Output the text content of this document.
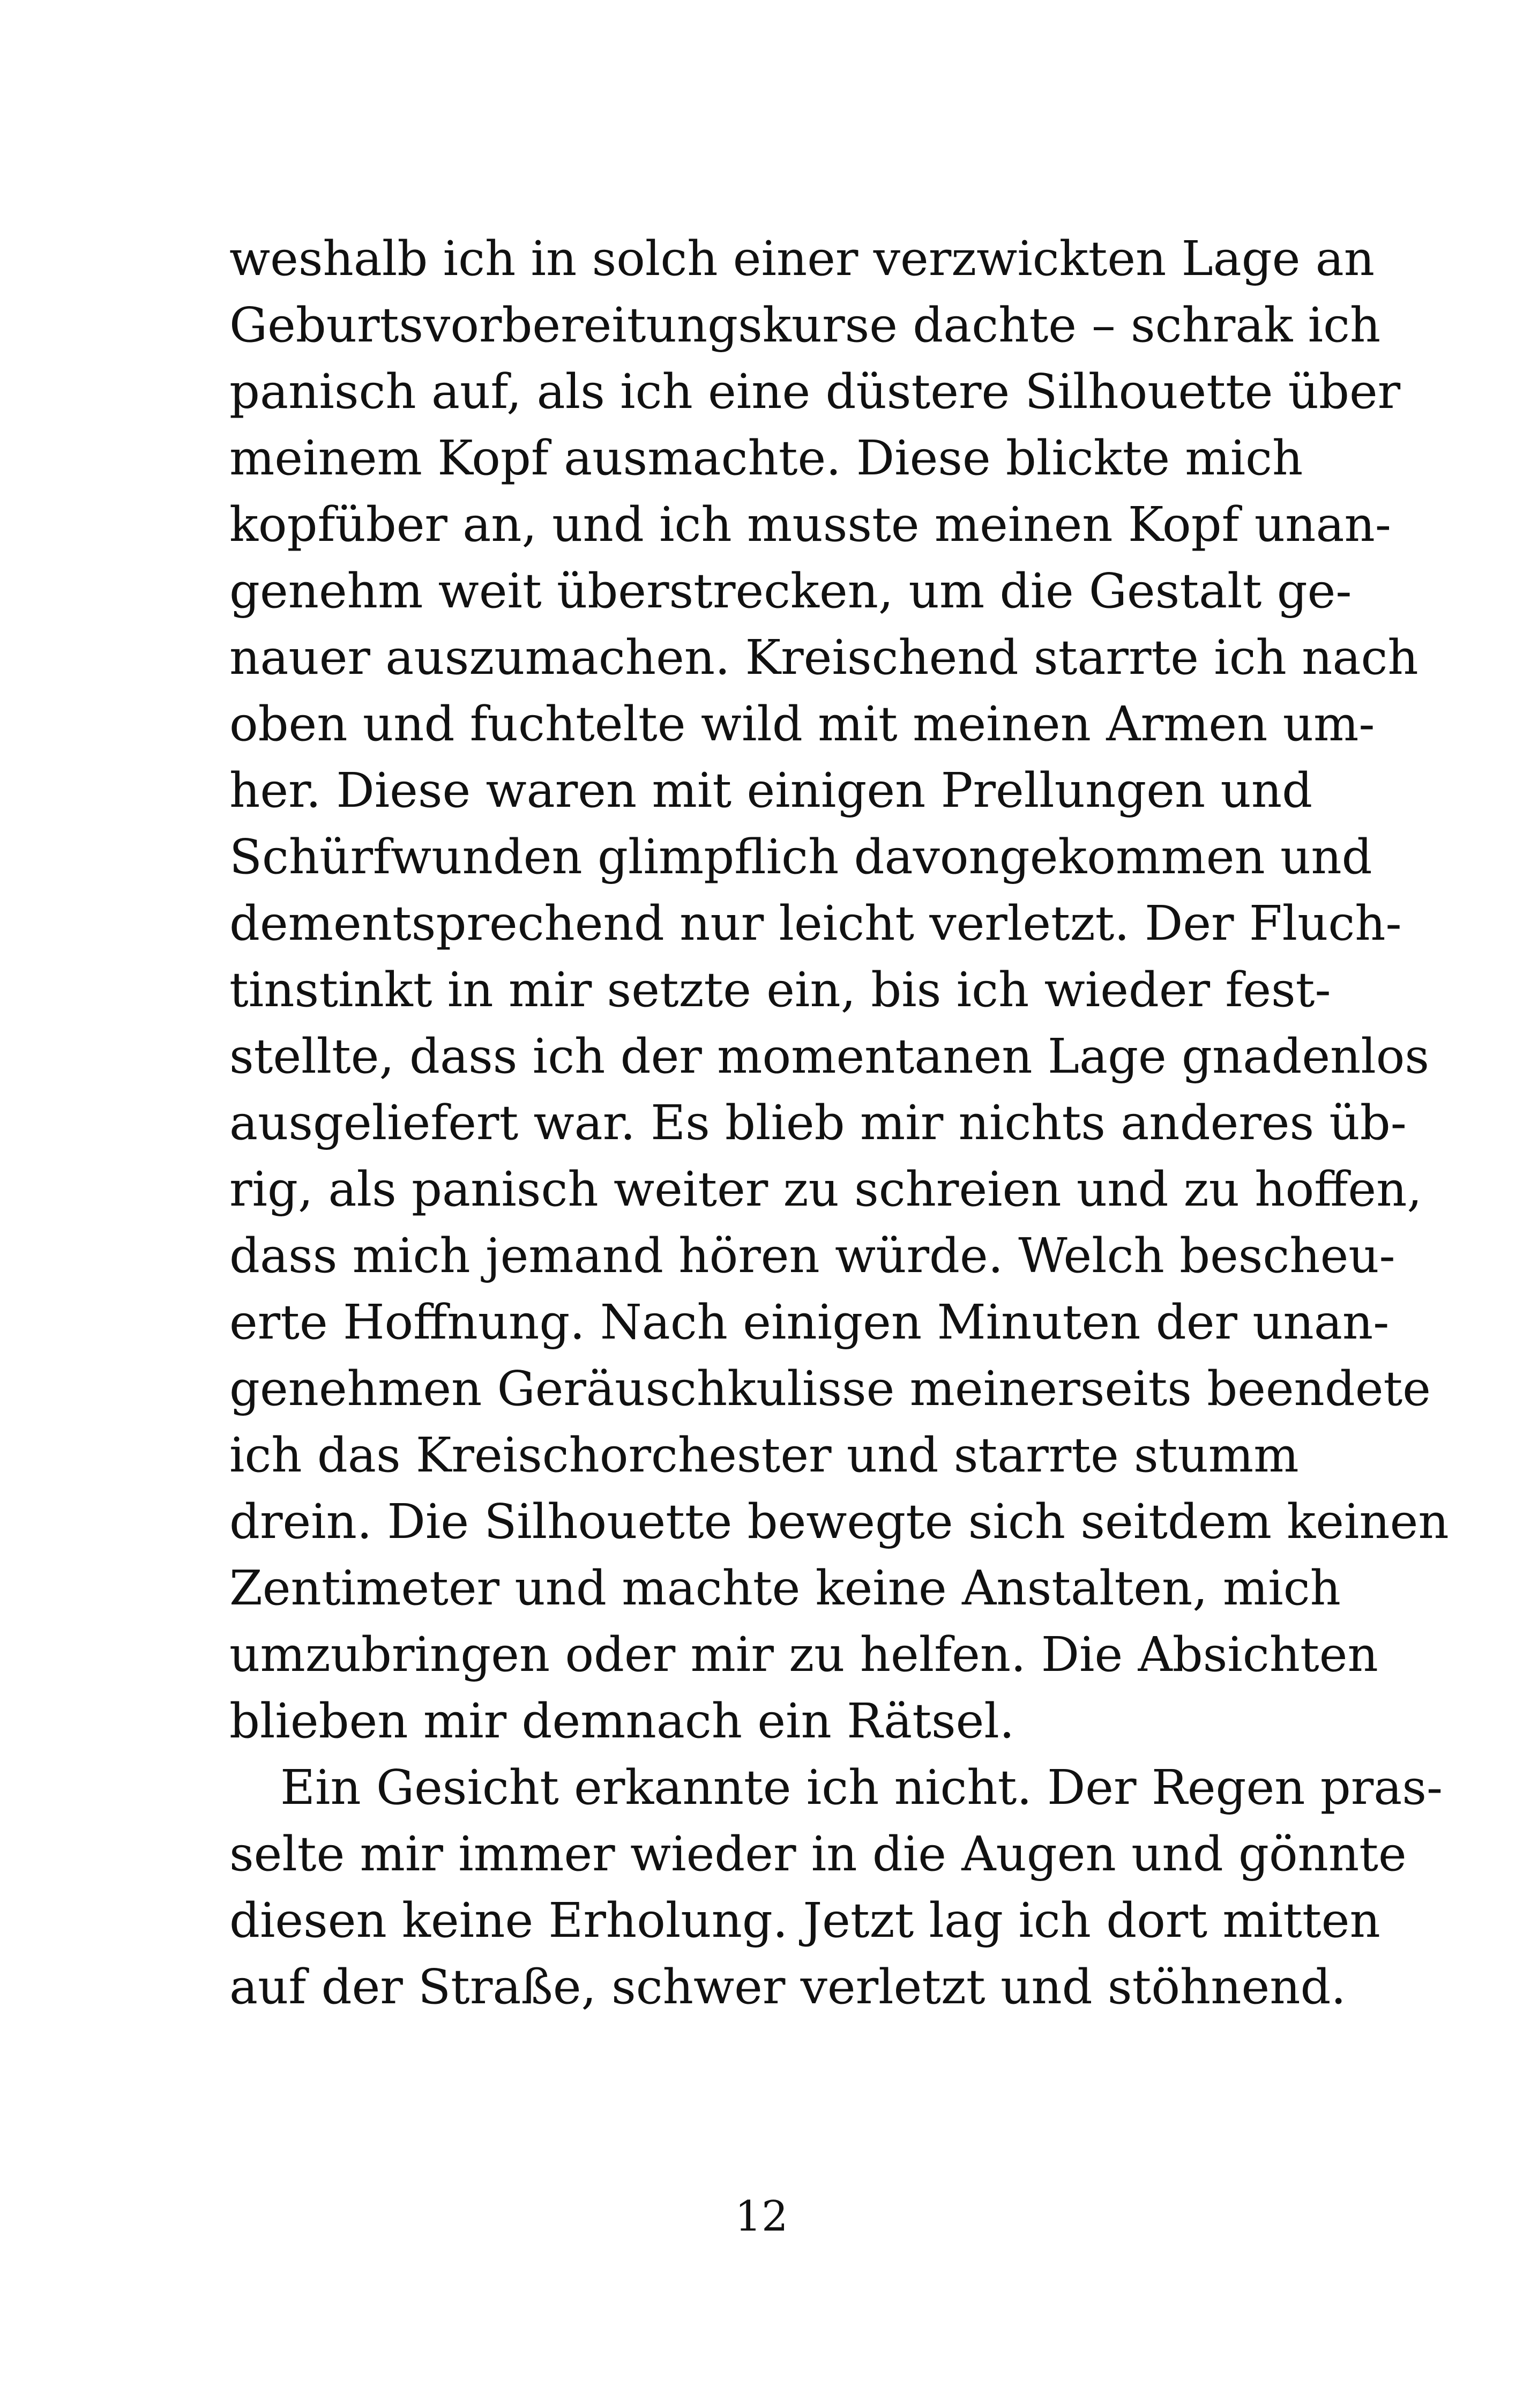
weshalb ich in solch einer verzwickten Lage an
Geburtsvorbereitungskurse dachte – schrak ich
panisch auf, als ich eine düstere Silhouette über
meinem Kopf ausmachte. Diese blickte mich
kopfüber an, und ich musste meinen Kopf unan-
genehm weit überstrecken, um die Gestalt ge-
nauer auszumachen. Kreischend starrte ich nach
oben und fuchtelte wild mit meinen Armen um-
her. Diese waren mit einigen Prellungen und
Schürfwunden glimpflich davongekommen und
dementsprechend nur leicht verletzt. Der Fluch-
tinstinkt in mir setzte ein, bis ich wieder fest-
stellte, dass ich der momentanen Lage gnadenlos
ausgeliefert war. Es blieb mir nichts anderes üb-
rig, als panisch weiter zu schreien und zu hoffen,
dass mich jemand hören würde. Welch bescheu-
erte Hoffnung. Nach einigen Minuten der unan-
genehmen Geräuschkulisse meinerseits beendete
ich das Kreischorchester und starrte stumm
drein. Die Silhouette bewegte sich seitdem keinen
Zentimeter und machte keine Anstalten, mich
umzubringen oder mir zu helfen. Die Absichten
blieben mir demnach ein Rätsel.
Ein Gesicht erkannte ich nicht. Der Regen pras-
selte mir immer wieder in die Augen und gönnte
diesen keine Erholung. Jetzt lag ich dort mitten
auf der Straße, schwer verletzt und stöhnend.
12
